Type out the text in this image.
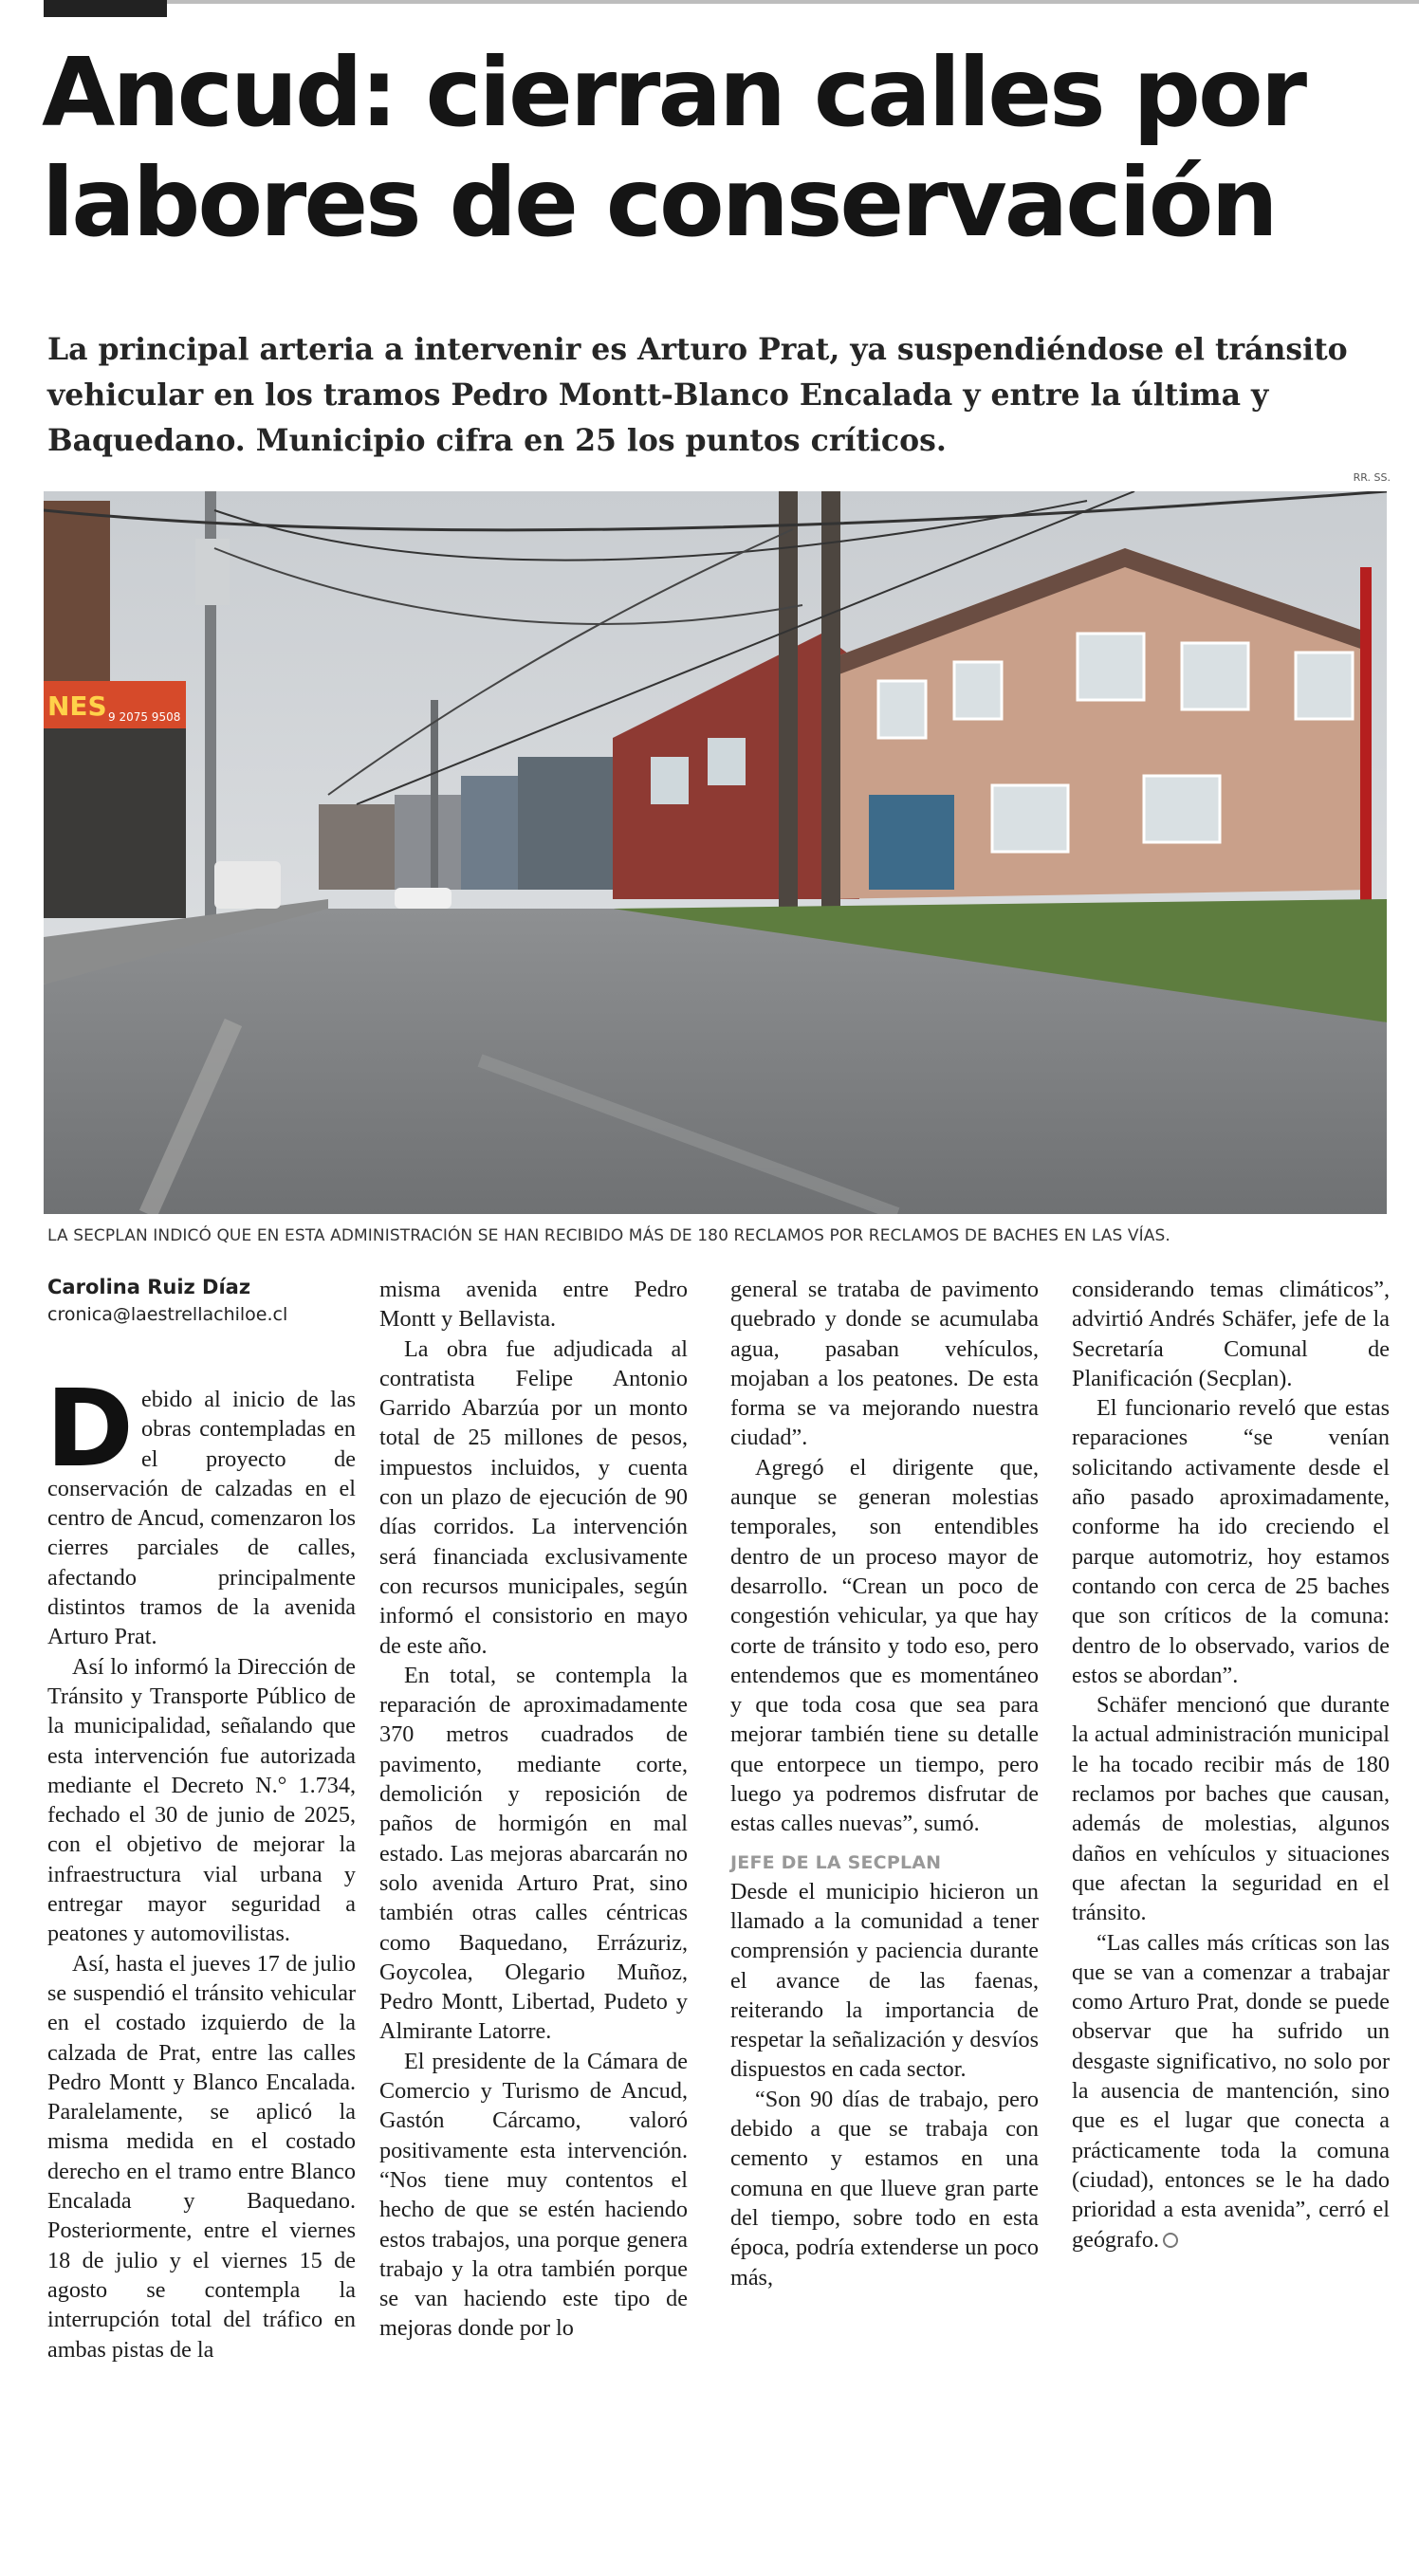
Ancud: cierran calles por
labores de conservación

La principal arteria a intervenir es Arturo Prat, ya suspendiéndose el tránsito vehicular en los tramos Pedro Montt-Blanco Encalada y entre la última y Baquedano. Municipio cifra en 25 los puntos críticos.

RR. SS.
NES 9 2075 9508
LA SECPLAN INDICÓ QUE EN ESTA ADMINISTRACIÓN SE HAN RECIBIDO MÁS DE 180 RECLAMOS POR RECLAMOS DE BACHES EN LAS VÍAS.
Carolina Ruiz Díaz
cronica@laestrellachiloe.cl

Debido al inicio de las obras contempladas en el proyecto de conservación de calzadas en el centro de Ancud, comenzaron los cierres parciales de calles, afectando principalmente distintos tramos de la avenida Arturo Prat.

Así lo informó la Dirección de Tránsito y Transporte Público de la municipalidad, señalando que esta intervención fue autorizada mediante el Decreto N.° 1.734, fechado el 30 de junio de 2025, con el objetivo de mejorar la infraestructura vial urbana y entregar mayor seguridad a peatones y automovilistas.

Así, hasta el jueves 17 de julio se suspendió el tránsito vehicular en el costado izquierdo de la calzada de Prat, entre las calles Pedro Montt y Blanco Encalada. Paralelamente, se aplicó la misma medida en el costado derecho en el tramo entre Blanco Encalada y Baquedano. Posteriormente, entre el viernes 18 de julio y el viernes 15 de agosto se contempla la interrupción total del tráfico en ambas pistas de la

misma avenida entre Pedro Montt y Bellavista.

La obra fue adjudicada al contratista Felipe Antonio Garrido Abarzúa por un monto total de 25 millones de pesos, impuestos incluidos, y cuenta con un plazo de ejecución de 90 días corridos. La intervención será financiada exclusivamente con recursos municipales, según informó el consistorio en mayo de este año.

En total, se contempla la reparación de aproximadamente 370 metros cuadrados de pavimento, mediante corte, demolición y reposición de paños de hormigón en mal estado. Las mejoras abarcarán no solo avenida Arturo Prat, sino también otras calles céntricas como Baquedano, Errázuriz, Goycolea, Olegario Muñoz, Pedro Montt, Libertad, Pudeto y Almirante Latorre.

El presidente de la Cámara de Comercio y Turismo de Ancud, Gastón Cárcamo, valoró positivamente esta intervención. “Nos tiene muy contentos el hecho de que se estén haciendo estos trabajos, una porque genera trabajo y la otra también porque se van haciendo este tipo de mejoras donde por lo

general se trataba de pavimento quebrado y donde se acumulaba agua, pasaban vehículos, mojaban a los peatones. De esta forma se va mejorando nuestra ciudad”.

Agregó el dirigente que, aunque se generan molestias temporales, son entendibles dentro de un proceso mayor de desarrollo. “Crean un poco de congestión vehicular, ya que hay corte de tránsito y todo eso, pero entendemos que es momentáneo y que toda cosa que sea para mejorar también tiene su detalle que entorpece un tiempo, pero luego ya podremos disfrutar de estas calles nuevas”, sumó.

JEFE DE LA SECPLAN

Desde el municipio hicieron un llamado a la comunidad a tener comprensión y paciencia durante el avance de las faenas, reiterando la importancia de respetar la señalización y desvíos dispuestos en cada sector.

“Son 90 días de trabajo, pero debido a que se trabaja con cemento y estamos en una comuna en que llueve gran parte del tiempo, sobre todo en esta época, podría extenderse un poco más,

considerando temas climáticos”, advirtió Andrés Schäfer, jefe de la Secretaría Comunal de Planificación (Secplan).

El funcionario reveló que estas reparaciones “se venían solicitando activamente desde el año pasado aproximadamente, conforme ha ido creciendo el parque automotriz, hoy estamos contando con cerca de 25 baches que son críticos de la comuna: dentro de lo observado, varios de estos se abordan”.

Schäfer mencionó que durante la actual administración municipal le ha tocado recibir más de 180 reclamos por baches que causan, además de molestias, algunos daños en vehículos y situaciones que afectan la seguridad en el tránsito.

“Las calles más críticas son las que se van a comenzar a trabajar como Arturo Prat, donde se puede observar que ha sufrido un desgaste significativo, no solo por la ausencia de mantención, sino que es el lugar que conecta a prácticamente toda la comuna (ciudad), entonces se le ha dado prioridad a esta avenida”, cerró el geógrafo.
